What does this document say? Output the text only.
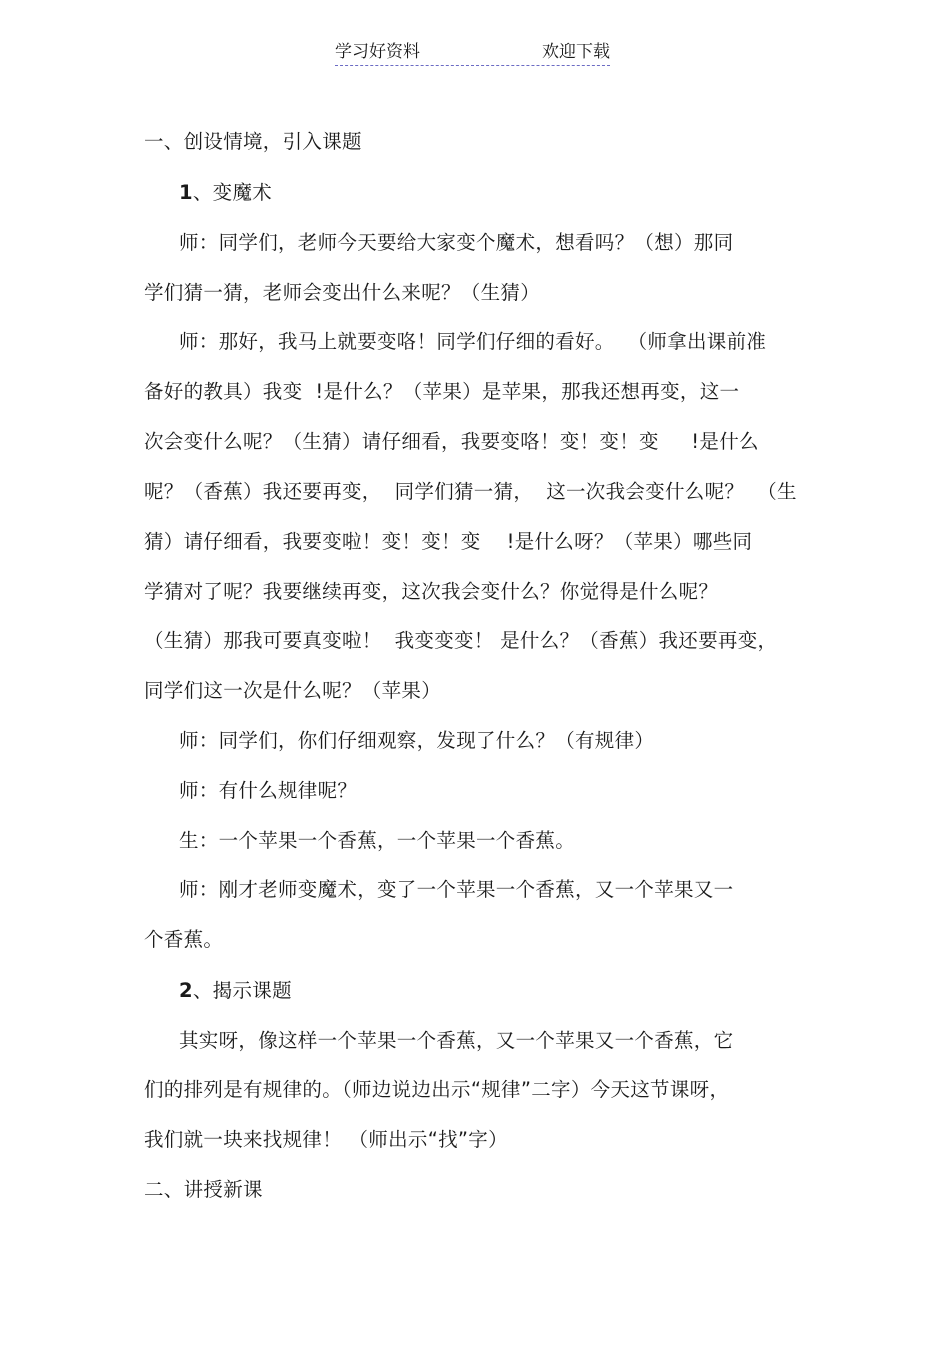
学习好资料	欢迎下载
一、创设情境，引入课题
1、变魔术
师：同学们，老师今天要给大家变个魔术，想看吗？（想）那同
学们猜一猜，老师会变出什么来呢？（生猜）
师：那好，我马上就要变咯！同学们仔细的看好。  （师拿出课前准
备好的教具）我变  !是什么？（苹果）是苹果，那我还想再变，这一
次会变什么呢？（生猜）请仔细看，我要变咯！变！变！变     !是什么
呢？（香蕉）我还要再变，  同学们猜一猜，  这一次我会变什么呢？  （生
猜）请仔细看，我要变啦！变！变！变    !是什么呀？（苹果）哪些同
学猜对了呢？我要继续再变，这次我会变什么？你觉得是什么呢？
（生猜）那我可要真变啦！  我变变变！ 是什么？（香蕉）我还要再变，
同学们这一次是什么呢？（苹果）
师：同学们，你们仔细观察，发现了什么？（有规律）
师：有什么规律呢？
生：一个苹果一个香蕉，一个苹果一个香蕉。
师：刚才老师变魔术，变了一个苹果一个香蕉，又一个苹果又一
个香蕉。
2、揭示课题
其实呀，像这样一个苹果一个香蕉，又一个苹果又一个香蕉，它
们的排列是有规律的。（师边说边出示“规律”二字）今天这节课呀，
我们就一块来找规律！ （师出示“找”字）
二、讲授新课
